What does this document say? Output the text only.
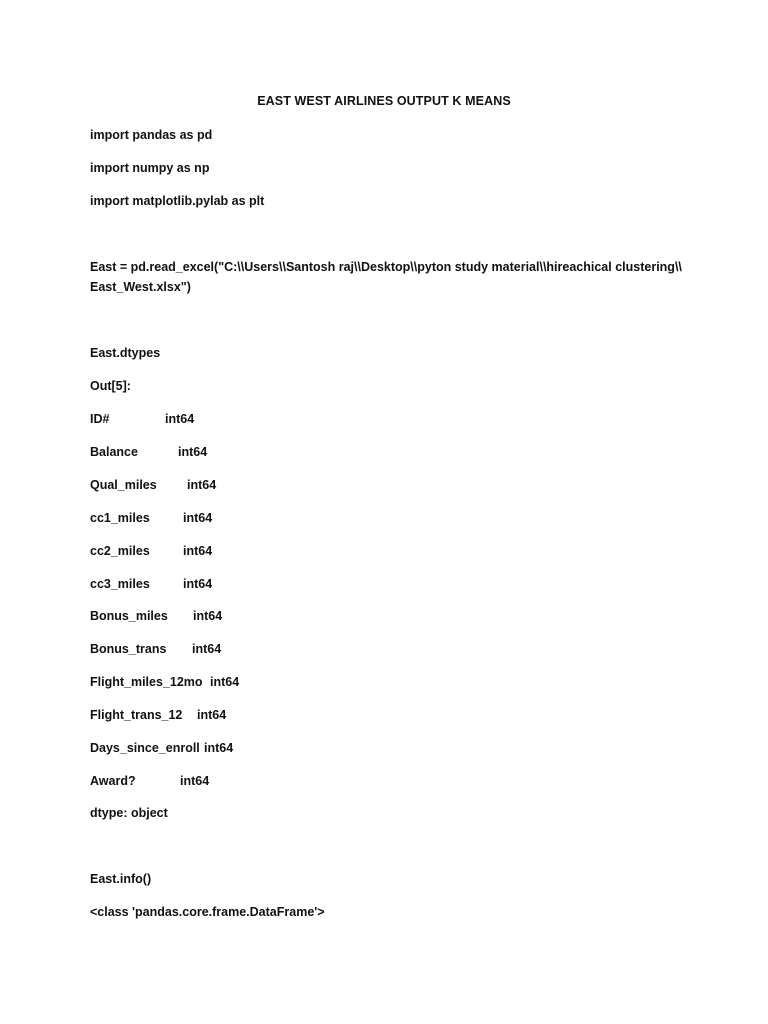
EAST WEST AIRLINES OUTPUT K MEANS
import pandas as pd
import numpy as np
import matplotlib.pylab as plt
East = pd.read_excel("C:\\Users\\Santosh raj\\Desktop\\pyton study material\\hireachical clustering\\
East_West.xlsx")
East.dtypes
Out[5]:
ID#	int64
Balance	int64
Qual_miles int64
cc1_miles	int64
cc2_miles	int64
cc3_miles	int64
Bonus_miles int64
Bonus_trans int64
Flight_miles_12mo int64
Flight_trans_12 int64
Days_since_enroll int64
Award?	int64
dtype: object
East.info()
<class 'pandas.core.frame.DataFrame'>
